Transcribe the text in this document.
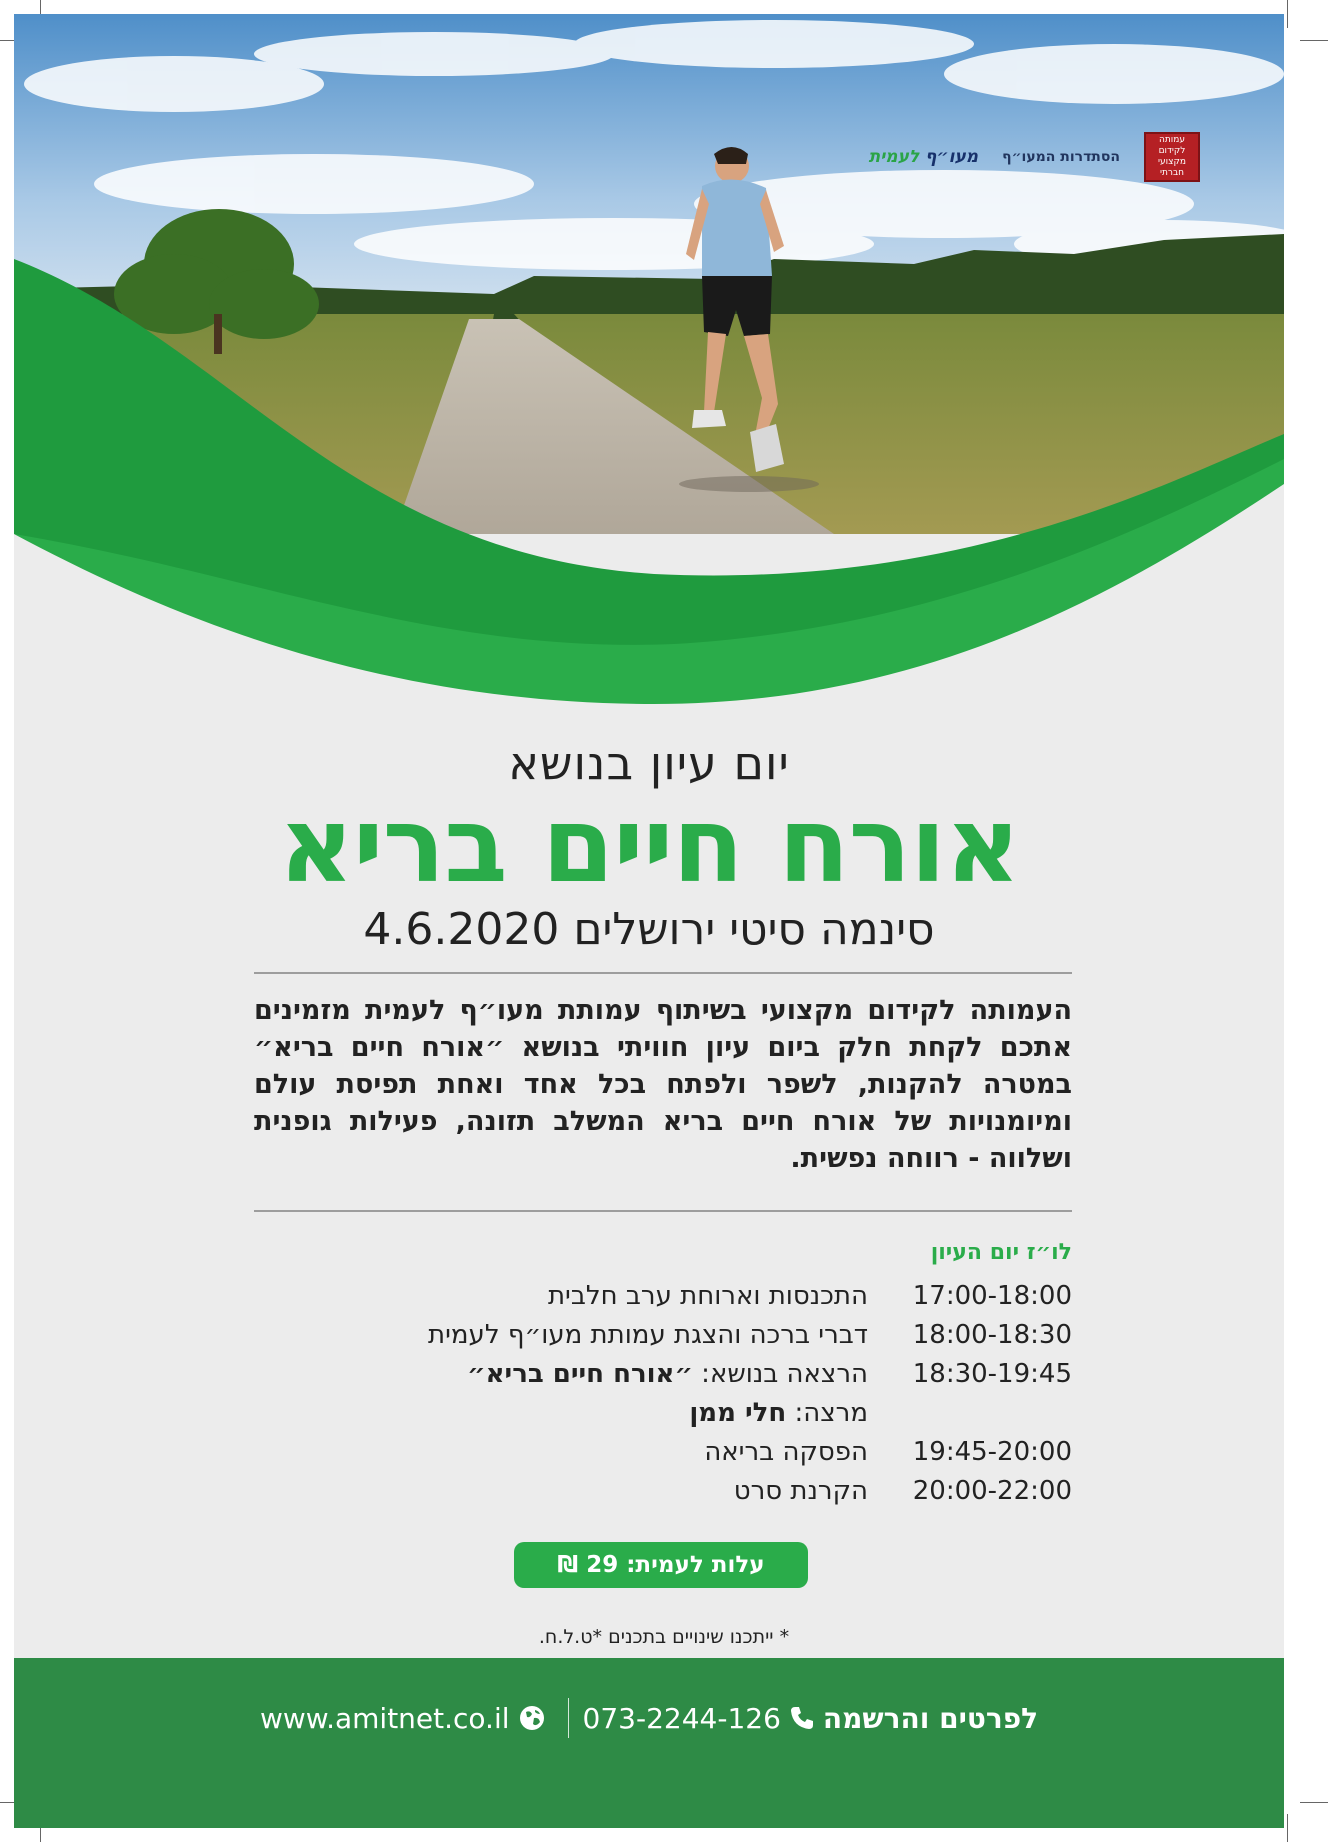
עמותה לקידום מקצועי חברתי
הסתדרות המעו״ף
מעו״ף לעמית
יום עיון בנושא
אורח חיים בריא
סינמה סיטי ירושלים 4.6.2020
העמותה לקידום מקצועי בשיתוף עמותת מעו״ף לעמית מזמינים אתכם לקחת חלק ביום עיון חוויתי בנושא ״אורח חיים בריא״ במטרה להקנות, לשפר ולפתח בכל אחד ואחת תפיסת עולם ומיומנויות של אורח חיים בריא המשלב תזונה, פעילות גופנית ושלווה - רווחה נפשית.
לו״ז יום העיון
17:00-18:00
התכנסות וארוחת ערב חלבית
18:00-18:30
דברי ברכה והצגת עמותת מעו״ף לעמית
18:30-19:45
הרצאה בנושא: ״אורח חיים בריא״
מרצה: חלי ממן
19:45-20:00
הפסקה בריאה
20:00-22:00
הקרנת סרט
עלות לעמית: 29 ₪
* ייתכנו שינויים בתכנים *ט.ל.ח.
www.amitnet.co.il	073-2244-126 לפרטים והרשמה
